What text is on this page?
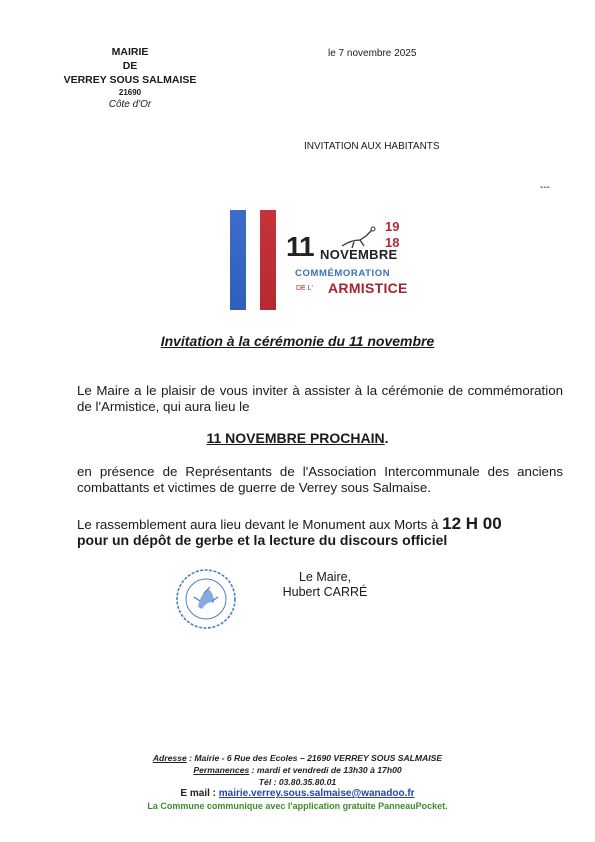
MAIRIE
DE
VERREY SOUS SALMAISE
21690
Côte d'Or
le 7 novembre 2025
INVITATION AUX HABITANTS
---
11 NOVEMBRE
19
18
COMMÉMORATION
DE L' ARMISTICE
Invitation à la cérémonie du 11 novembre
Le Maire a le plaisir de vous inviter à assister à la cérémonie de commémoration de l'Armistice, qui aura lieu le
11 NOVEMBRE PROCHAIN.
en présence de Représentants de l'Association Intercommunale des anciens combattants et victimes de guerre de Verrey sous Salmaise.
Le rassemblement aura lieu devant le Monument aux Morts à 12 H 00
pour un dépôt de gerbe et la lecture du discours officiel
Le Maire,
Hubert CARRÉ
Adresse : Mairie - 6 Rue des Ecoles – 21690 VERREY SOUS SALMAISE
Permanences : mardi et vendredi de 13h30 à 17h00
Tél : 03.80.35.80.01
E mail : mairie.verrey.sous.salmaise@wanadoo.fr
La Commune communique avec l'application gratuite PanneauPocket.
